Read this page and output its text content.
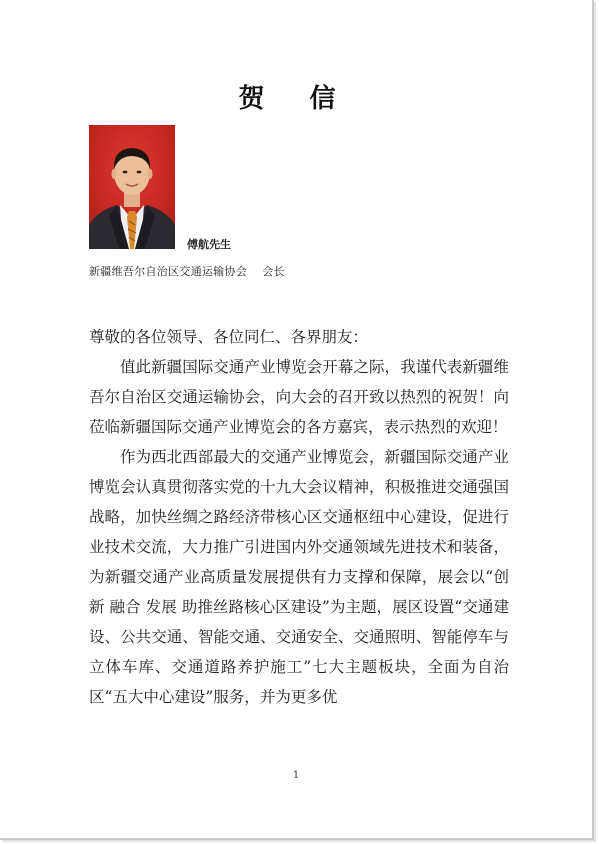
贺 信
傅航先生
新疆维吾尔自治区交通运输协会    会长

尊敬的各位领导、各位同仁、各界朋友：

值此新疆国际交通产业博览会开幕之际，我谨代表新疆维吾尔自治区交通运输协会，向大会的召开致以热烈的祝贺！向莅临新疆国际交通产业博览会的各方嘉宾，表示热烈的欢迎！

作为西北西部最大的交通产业博览会，新疆国际交通产业博览会认真贯彻落实党的十九大会议精神，积极推进交通强国战略，加快丝绸之路经济带核心区交通枢纽中心建设，促进行业技术交流，大力推广引进国内外交通领域先进技术和装备，为新疆交通产业高质量发展提供有力支撑和保障，展会以“创新 融合 发展 助推丝路核心区建设”为主题，展区设置“交通建设、公共交通、智能交通、交通安全、交通照明、智能停车与立体车库、交通道路养护施工”七大主题板块，全面为自治区“五大中心建设”服务，并为更多优

1
